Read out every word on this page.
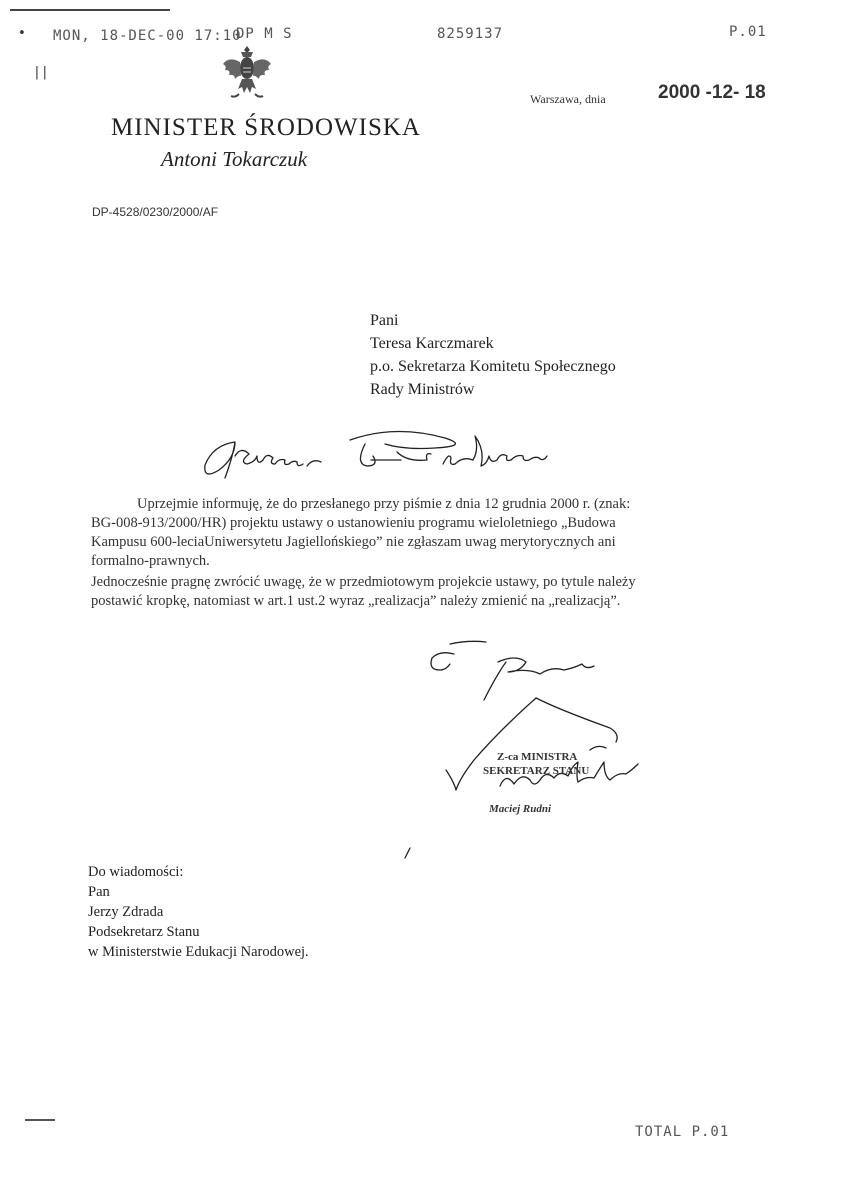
•
||
MON, 18-DEC-00 17:10
DP M S	8259137	P.01
Warszawa, dnia	2000 -12- 18
MINISTER ŚRODOWISKA
Antoni Tokarczuk
DP-4528/0230/2000/AF
Pani
Teresa Karczmarek
p.o. Sekretarza Komitetu Społecznego
Rady Ministrów
Uprzejmie informuję, że do przesłanego przy piśmie z dnia 12 grudnia 2000 r. (znak:
BG-008-913/2000/HR) projektu ustawy o ustanowieniu programu wieloletniego „Budowa
Kampusu 600-leciaUniwersytetu Jagiellońskiego” nie zgłaszam uwag merytorycznych ani
formalno-prawnych.
Jednocześnie pragnę zwrócić uwagę, że w przedmiotowym projekcie ustawy, po tytule należy
postawić kropkę, natomiast w art.1 ust.2 wyraz „realizacja” należy zmienić na „realizacją”.
Z-ca MINISTRA
SEKRETARZ STANU
Maciej Rudni
Do wiadomości:
Pan
Jerzy Zdrada
Podsekretarz Stanu
w Ministerstwie Edukacji Narodowej.
TOTAL P.01
